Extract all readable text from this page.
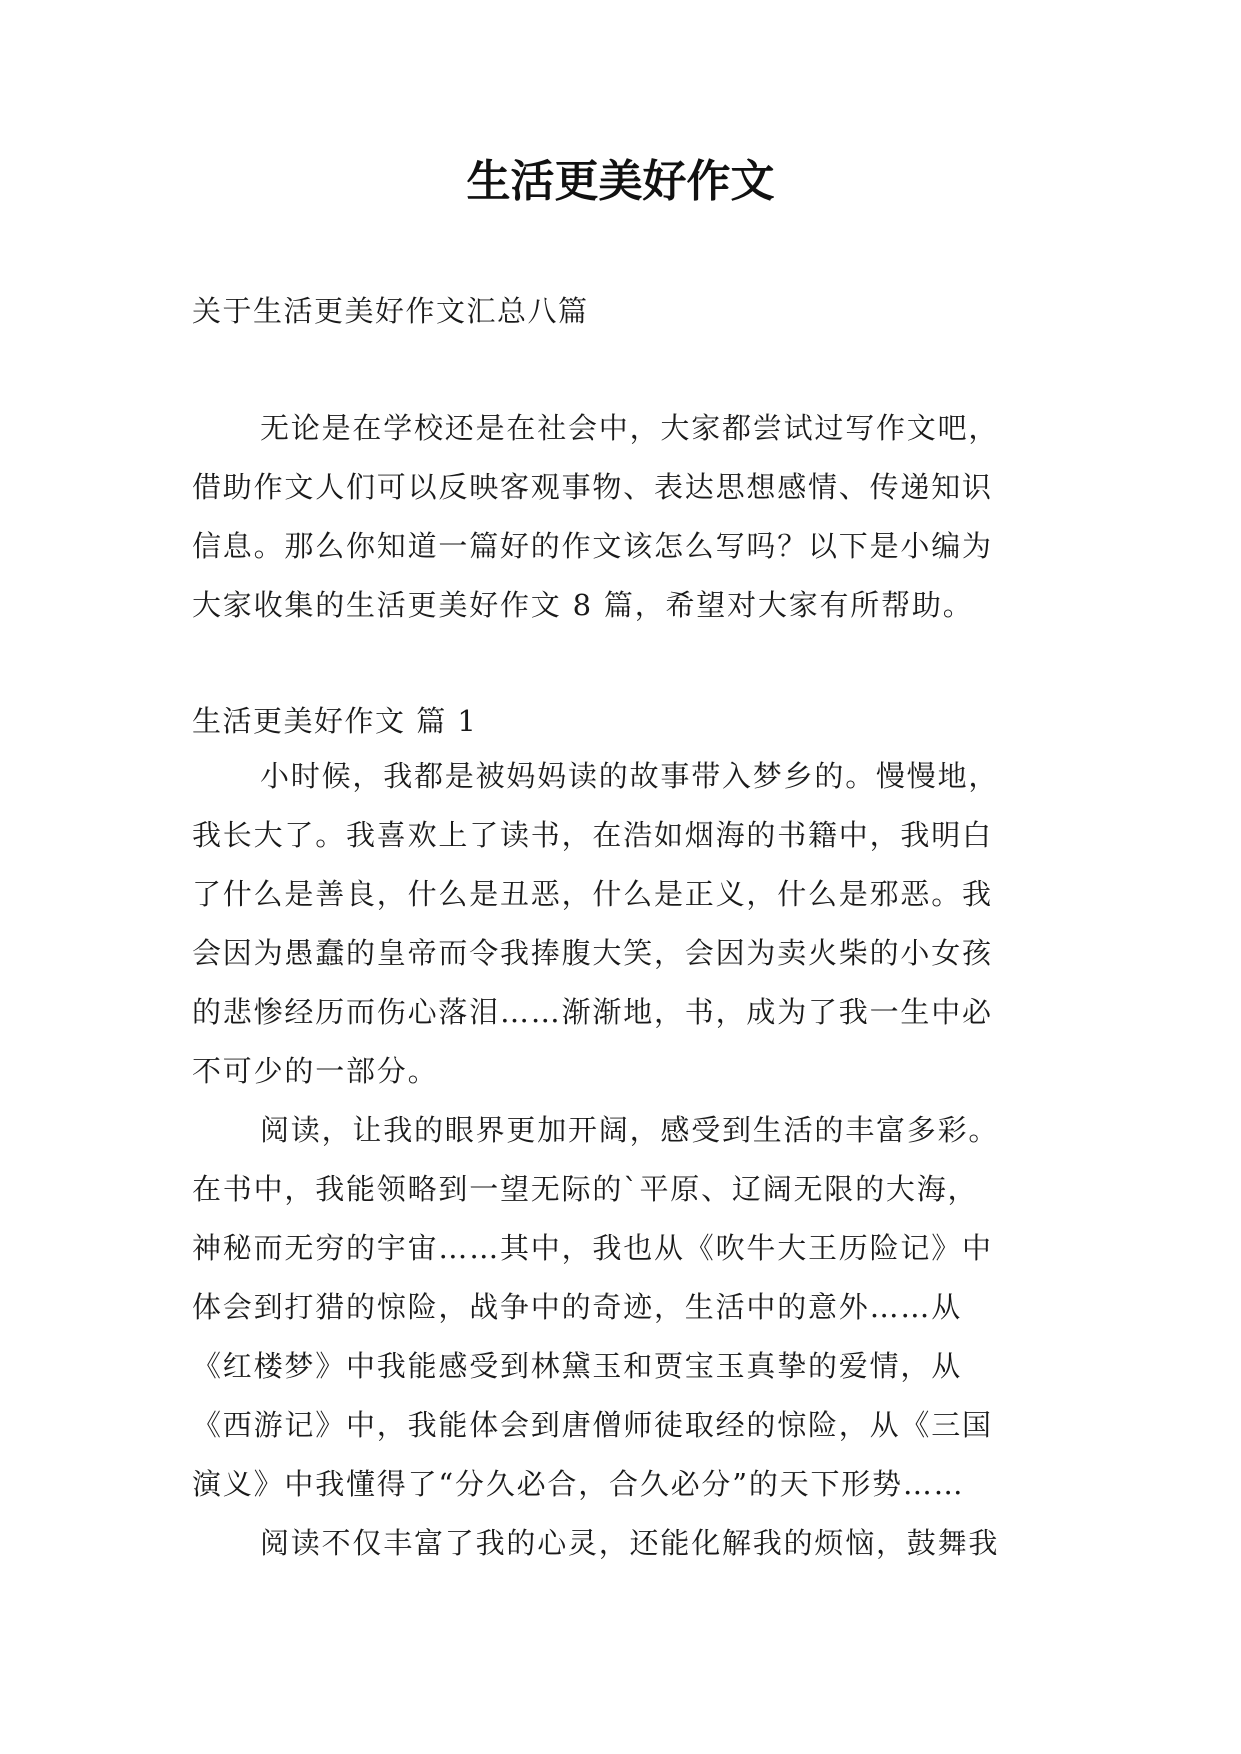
生活更美好作文
关于生活更美好作文汇总八篇
无论是在学校还是在社会中，大家都尝试过写作文吧，
借助作文人们可以反映客观事物、表达思想感情、传递知识
信息。那么你知道一篇好的作文该怎么写吗？以下是小编为
大家收集的生活更美好作文 8 篇，希望对大家有所帮助。
生活更美好作文 篇 1
小时候，我都是被妈妈读的故事带入梦乡的。慢慢地，
我长大了。我喜欢上了读书，在浩如烟海的书籍中，我明白
了什么是善良，什么是丑恶，什么是正义，什么是邪恶。我
会因为愚蠢的皇帝而令我捧腹大笑，会因为卖火柴的小女孩
的悲惨经历而伤心落泪……渐渐地，书，成为了我一生中必
不可少的一部分。
阅读，让我的眼界更加开阔，感受到生活的丰富多彩。
在书中，我能领略到一望无际的`平原、辽阔无限的大海，
神秘而无穷的宇宙……其中，我也从《吹牛大王历险记》中
体会到打猎的惊险，战争中的奇迹，生活中的意外……从
《红楼梦》中我能感受到林黛玉和贾宝玉真挚的爱情，从
《西游记》中，我能体会到唐僧师徒取经的惊险，从《三国
演义》中我懂得了“分久必合，合久必分”的天下形势……
阅读不仅丰富了我的心灵，还能化解我的烦恼，鼓舞我
